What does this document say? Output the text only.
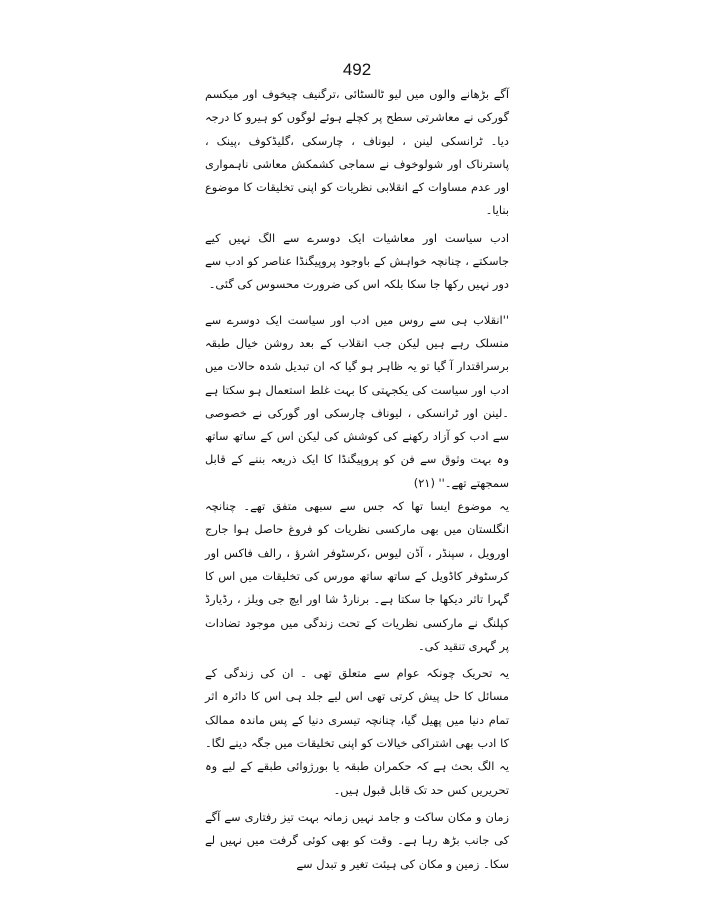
492

آگے بڑھانے والوں میں لیو ٹالسٹائی ،ترگنیف چیخوف اور میکسم گورکی نے معاشرتی سطح پر کچلے ہوئے لوگوں کو ہیرو کا درجہ دیا۔ ٹرانسکی لینن ، لیوناف ، چارسکی ،گلیڈکوف ،پینک ، پاسترناک اور شولوخوف نے سماجی کشمکش معاشی ناہمواری اور عدم مساوات کے انقلابی نظریات کو اپنی تخلیقات کا موضوع بنایا۔

ادب سیاست اور معاشیات ایک دوسرے سے الگ نہیں کیے جاسکتے ، چنانچہ خواہش کے باوجود پروپیگنڈا عناصر کو ادب سے دور نہیں رکھا جا سکا بلکہ اس کی ضرورت محسوس کی گئی۔

''انقلاب ہی سے روس میں ادب اور سیاست ایک دوسرے سے منسلک رہے ہیں لیکن جب انقلاب کے بعد روشن خیال طبقہ برسراقتدار آ گیا تو یہ ظاہر ہو گیا کہ ان تبدیل شدہ حالات میں ادب اور سیاست کی یکجہتی کا بہت غلط استعمال ہو سکتا ہے ۔لینن اور ٹرانسکی ، لیوناف چارسکی اور گورکی نے خصوصی سے ادب کو آزاد رکھنے کی کوشش کی لیکن اس کے ساتھ ساتھ وہ بہت وثوق سے فن کو پروپیگنڈا کا ایک ذریعہ بننے کے قابل سمجھتے تھے۔'' (۲۱)

یہ موضوع ایسا تھا کہ جس سے سبھی متفق تھے۔ چنانچہ انگلستان میں بھی مارکسی نظریات کو فروغ حاصل ہوا جارج اورویل ، سپنڈر ، آڈن لیوس ،کرسٹوفر اشرؤ ، رالف فاکس اور کرسٹوفر کاڈویل کے ساتھ ساتھ مورس کی تخلیقات میں اس کا گہرا تاثر دیکھا جا سکتا ہے۔ برنارڈ شا اور ایچ جی ویلز ، رڈیارڈ کپلنگ نے مارکسی نظریات کے تحت زندگی میں موجود تضادات پر گہری تنقید کی۔

یہ تحریک چونکہ عوام سے متعلق تھی ۔ ان کی زندگی کے مسائل کا حل پیش کرتی تھی اس لیے جلد ہی اس کا دائرہ اثر تمام دنیا میں پھیل گیا، چنانچہ تیسری دنیا کے پس ماندہ ممالک کا ادب بھی اشتراکی خیالات کو اپنی تخلیقات میں جگہ دینے لگا۔ یہ الگ بحث ہے کہ حکمران طبقہ یا بورژوائی طبقے کے لیے وہ تحریریں کس حد تک قابل قبول ہیں۔

زمان و مکان ساکت و جامد نہیں زمانہ بہت تیز رفتاری سے آگے کی جانب بڑھ رہا ہے۔ وقت کو بھی کوئی گرفت میں نہیں لے سکا۔ زمین و مکان کی ہیئت تغیر و تبدل سے
